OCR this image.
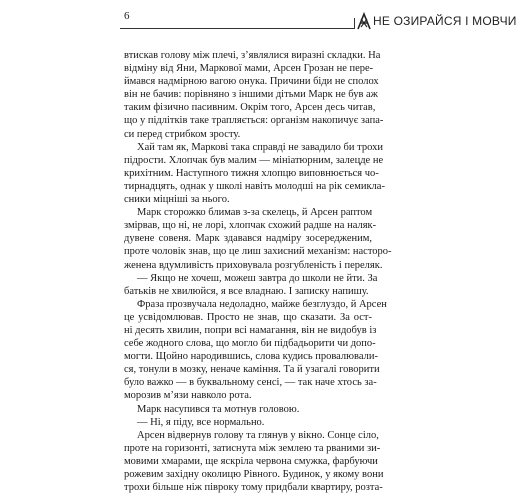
6	НЕ ОЗИРАЙСЯ І МОВЧИ
втискав голову між плечі, з’являлися виразні складки. На
відміну від Яни, Маркової мами, Арсен Грозан не пере-
ймався надмірною вагою онука. Причини біди не сполох
він не бачив: порівняно з іншими дітьми Марк не був аж
таким фізично пасивним. Окрім того, Арсен десь читав,
що у підлітків таке трапляється: організм накопичує запа-
си перед стрибком зросту.
Хай там як, Маркові така справді не завадило би трохи
підрости. Хлопчак був малим — мініатюрним, залецде не
крихітним. Наступного тижня хлопцю виповнюється чо-
тирнадцять, однак у школі навіть молодші на рік семикла-
сники міцніші за нього.
Марк сторожко блимав з-за скелець, й Арсен раптом
змірвав, що ні, не лорі, хлопчак схожий радше на наляк-
дувене совеня. Марк здавався надміру зосередженим,
проте чоловік знав, що це лиш захисний механізм: насторо-
женена вдумливість приховувала розгубленість і переляк.
— Якщо не хочеш, можеш завтра до школи не йти. За
батьків не хвилюйся, я все владнаю. І записку напишу.
Фраза прозвучала недоладно, майже безглуздо, й Арсен
це усвідомлював. Просто не знав, що сказати. За ост-
ні десять хвилин, попри всі намагання, він не видобув із
себе жодного слова, що могло би підбадьорити чи допо-
могти. Щойно народившись, слова кудись провалювали-
ся, тонули в мозку, неначе каміння. Та й узагалі говорити
було важко — в буквальному сенсі, — так наче хтось за-
морозив м’язи навколо рота.
Марк насупився та мотнув головою.
— Ні, я піду, все нормально.
Арсен відвернув голову та глянув у вікно. Сонце сіло,
проте на горизонті, затиснута між землею та рваними зи-
мовими хмарами, ще яскріла червона смужка, фарбуючи
рожевим західну околицю Рівного. Будинок, у якому вони
трохи більше ніж півроку тому придбали квартиру, розта-
